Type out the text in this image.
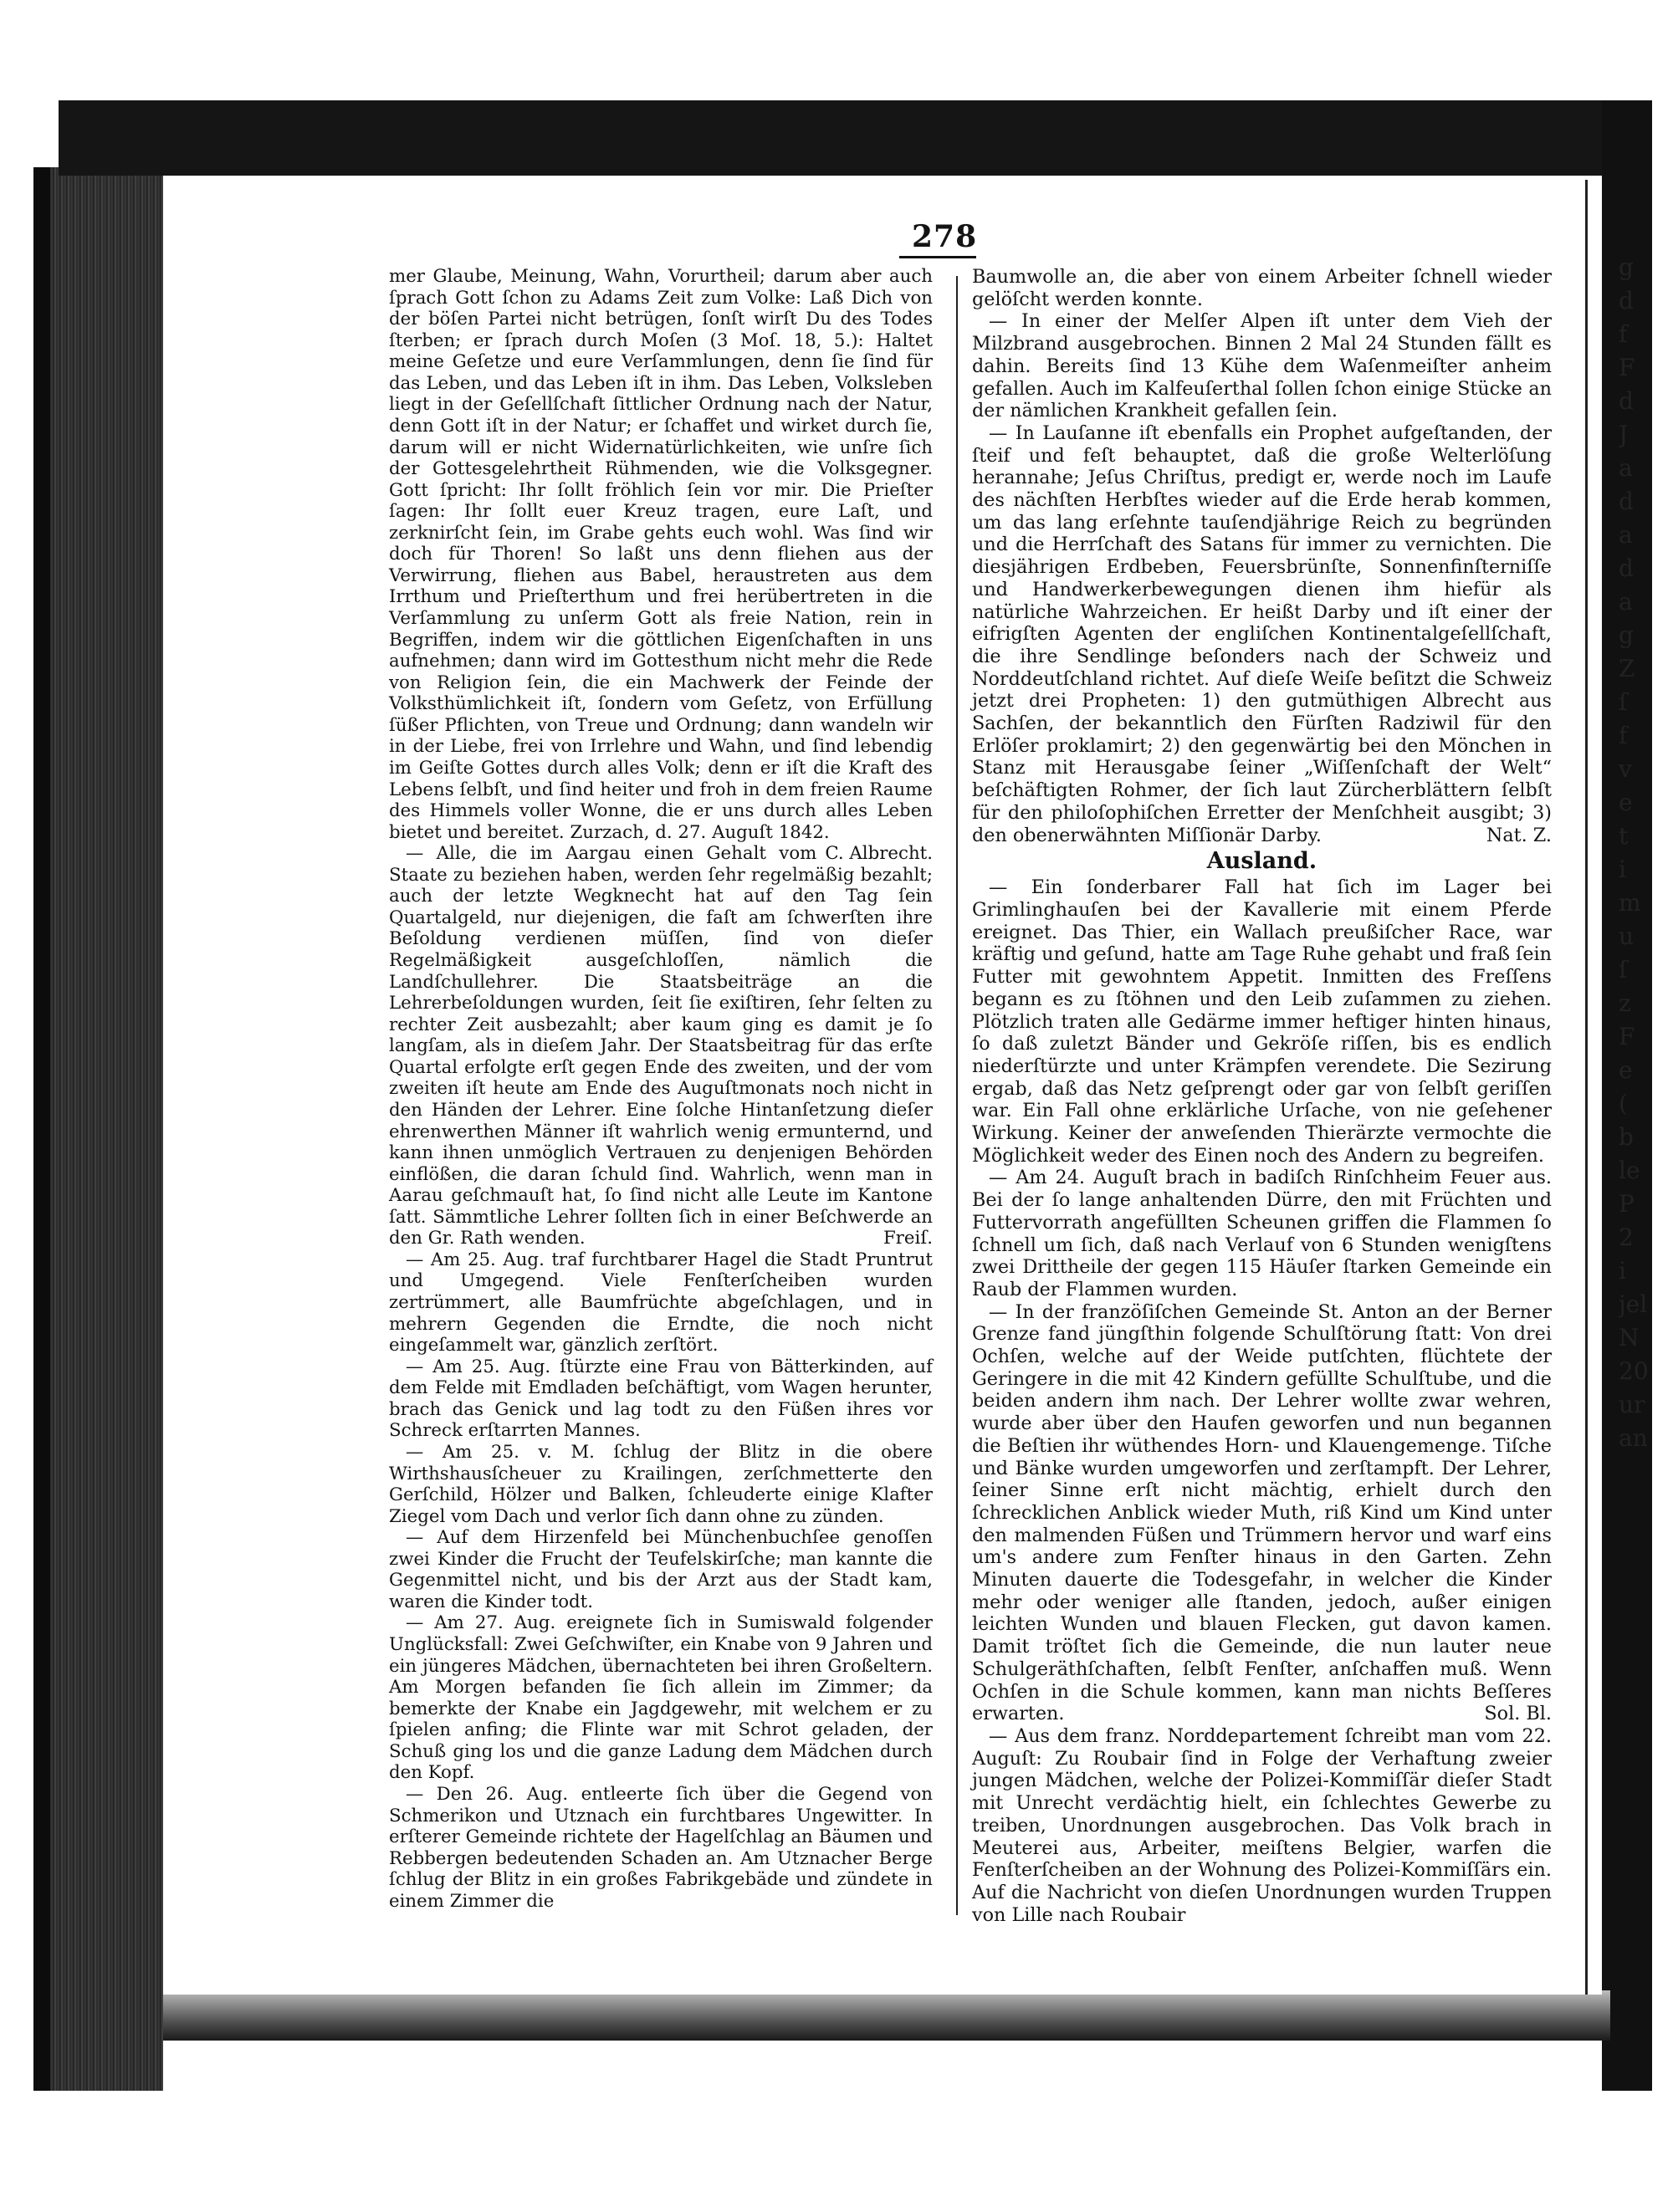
g
d
f
F
d
J
a
d
a
d
a
g
Z
ſ
f
v
e
t
i
m
u
ſ
z
F
e
(
b
le
P
2
i
jel
N
20
ur
an
278

mer Glaube, Meinung, Wahn, Vorurtheil; darum aber auch ſprach Gott ſchon zu Adams Zeit zum Volke: Laß Dich von der böſen Partei nicht betrügen, ſonſt wirſt Du des Todes ſterben; er ſprach durch Moſen (3 Moſ. 18, 5.): Haltet meine Geſetze und eure Verſammlungen, denn ſie ſind für das Leben, und das Leben iſt in ihm. Das Leben, Volksleben liegt in der Geſellſchaft ſittlicher Ordnung nach der Natur, denn Gott iſt in der Natur; er ſchaffet und wirket durch ſie, darum will er nicht Widernatürlichkeiten, wie unſre ſich der Gottesgelehrtheit Rühmenden, wie die Volksgegner. Gott ſpricht: Ihr ſollt fröhlich ſein vor mir. Die Prieſter ſagen: Ihr ſollt euer Kreuz tragen, eure Laſt, und zerknirſcht ſein, im Grabe gehts euch wohl. Was ſind wir doch für Thoren! So laßt uns denn fliehen aus der Verwirrung, fliehen aus Babel, heraustreten aus dem Irrthum und Prieſterthum und frei herübertreten in die Verſammlung zu unſerm Gott als freie Nation, rein in Begriffen, indem wir die göttlichen Eigenſchaften in uns aufnehmen; dann wird im Gottesthum nicht mehr die Rede von Religion ſein, die ein Machwerk der Feinde der Volksthümlichkeit iſt, ſondern vom Geſetz, von Erfüllung ſüßer Pflichten, von Treue und Ordnung; dann wandeln wir in der Liebe, frei von Irrlehre und Wahn, und ſind lebendig im Geiſte Gottes durch alles Volk; denn er iſt die Kraft des Lebens ſelbſt, und ſind heiter und froh in dem freien Raume des Himmels voller Wonne, die er uns durch alles Leben bietet und bereitet. Zurzach, d. 27. Auguſt 1842.
C. Albrecht.

— Alle, die im Aargau einen Gehalt vom Staate zu beziehen haben, werden ſehr regelmäßig bezahlt; auch der letzte Wegknecht hat auf den Tag ſein Quartalgeld, nur diejenigen, die faſt am ſchwerſten ihre Beſoldung verdienen müſſen, ſind von dieſer Regelmäßigkeit ausgeſchloſſen, nämlich die Landſchullehrer. Die Staatsbeiträge an die Lehrerbeſoldungen wurden, ſeit ſie exiſtiren, ſehr ſelten zu rechter Zeit ausbezahlt; aber kaum ging es damit je ſo langſam, als in dieſem Jahr. Der Staatsbeitrag für das erſte Quartal erfolgte erſt gegen Ende des zweiten, und der vom zweiten iſt heute am Ende des Auguſtmonats noch nicht in den Händen der Lehrer. Eine ſolche Hintanſetzung dieſer ehrenwerthen Männer iſt wahrlich wenig ermunternd, und kann ihnen unmöglich Vertrauen zu denjenigen Behörden einflößen, die daran ſchuld ſind. Wahrlich, wenn man in Aarau geſchmauſt hat, ſo ſind nicht alle Leute im Kantone ſatt. Sämmtliche Lehrer ſollten ſich in einer Beſchwerde an den Gr. Rath wenden.	Freiſ.

— Am 25. Aug. traf furchtbarer Hagel die Stadt Pruntrut und Umgegend. Viele Fenſterſcheiben wurden zertrümmert, alle Baumfrüchte abgeſchlagen, und in mehrern Gegenden die Erndte, die noch nicht eingeſammelt war, gänzlich zerſtört.

— Am 25. Aug. ſtürzte eine Frau von Bätterkinden, auf dem Felde mit Emdladen beſchäftigt, vom Wagen herunter, brach das Genick und lag todt zu den Füßen ihres vor Schreck erſtarrten Mannes.

— Am 25. v. M. ſchlug der Blitz in die obere Wirthshausſcheuer zu Krailingen, zerſchmetterte den Gerſchild, Hölzer und Balken, ſchleuderte einige Klafter Ziegel vom Dach und verlor ſich dann ohne zu zünden.

— Auf dem Hirzenfeld bei Münchenbuchſee genoſſen zwei Kinder die Frucht der Teufelskirſche; man kannte die Gegenmittel nicht, und bis der Arzt aus der Stadt kam, waren die Kinder todt.

— Am 27. Aug. ereignete ſich in Sumiswald folgender Unglücksfall: Zwei Geſchwiſter, ein Knabe von 9 Jahren und ein jüngeres Mädchen, übernachteten bei ihren Großeltern. Am Morgen befanden ſie ſich allein im Zimmer; da bemerkte der Knabe ein Jagdgewehr, mit welchem er zu ſpielen anfing; die Flinte war mit Schrot geladen, der Schuß ging los und die ganze Ladung dem Mädchen durch den Kopf.

— Den 26. Aug. entleerte ſich über die Gegend von Schmerikon und Utznach ein furchtbares Ungewitter. In erſterer Gemeinde richtete der Hagelſchlag an Bäumen und Rebbergen bedeutenden Schaden an. Am Utznacher Berge ſchlug der Blitz in ein großes Fabrikgebäde und zündete in einem Zimmer die

Baumwolle an, die aber von einem Arbeiter ſchnell wieder gelöſcht werden konnte.

— In einer der Melſer Alpen iſt unter dem Vieh der Milzbrand ausgebrochen. Binnen 2 Mal 24 Stunden fällt es dahin. Bereits ſind 13 Kühe dem Waſenmeiſter anheim gefallen. Auch im Kalfeuſerthal ſollen ſchon einige Stücke an der nämlichen Krankheit gefallen ſein.

— In Lauſanne iſt ebenfalls ein Prophet aufgeſtanden, der ſteif und feſt behauptet, daß die große Welterlöſung herannahe; Jeſus Chriſtus, predigt er, werde noch im Laufe des nächſten Herbſtes wieder auf die Erde herab kommen, um das lang erſehnte tauſendjährige Reich zu begründen und die Herrſchaft des Satans für immer zu vernichten. Die diesjährigen Erdbeben, Feuersbrünſte, Sonnenfinſterniſſe und Handwerkerbewegungen dienen ihm hiefür als natürliche Wahrzeichen. Er heißt Darby und iſt einer der eifrigſten Agenten der engliſchen Kontinentalgeſellſchaft, die ihre Sendlinge beſonders nach der Schweiz und Norddeutſchland richtet. Auf dieſe Weiſe beſitzt die Schweiz jetzt drei Propheten: 1) den gutmüthigen Albrecht aus Sachſen, der bekanntlich den Fürſten Radziwil für den Erlöſer proklamirt; 2) den gegenwärtig bei den Mönchen in Stanz mit Herausgabe ſeiner „Wiſſenſchaft der Welt“ beſchäftigten Rohmer, der ſich laut Zürcherblättern ſelbſt für den philoſophiſchen Erretter der Menſchheit ausgibt; 3) den obenerwähnten Miſſionär Darby.	Nat. Z.

Ausland.

— Ein ſonderbarer Fall hat ſich im Lager bei Grimlinghauſen bei der Kavallerie mit einem Pferde ereignet. Das Thier, ein Wallach preußiſcher Race, war kräftig und geſund, hatte am Tage Ruhe gehabt und fraß ſein Futter mit gewohntem Appetit. Inmitten des Freſſens begann es zu ſtöhnen und den Leib zuſammen zu ziehen. Plötzlich traten alle Gedärme immer heftiger hinten hinaus, ſo daß zuletzt Bänder und Gekröſe riſſen, bis es endlich niederſtürzte und unter Krämpfen verendete. Die Sezirung ergab, daß das Netz geſprengt oder gar von ſelbſt geriſſen war. Ein Fall ohne erklärliche Urſache, von nie geſehener Wirkung. Keiner der anweſenden Thierärzte vermochte die Möglichkeit weder des Einen noch des Andern zu begreifen.

— Am 24. Auguſt brach in badiſch Rinſchheim Feuer aus. Bei der ſo lange anhaltenden Dürre, den mit Früchten und Futtervorrath angefüllten Scheunen griffen die Flammen ſo ſchnell um ſich, daß nach Verlauf von 6 Stunden wenigſtens zwei Drittheile der gegen 115 Häuſer ſtarken Gemeinde ein Raub der Flammen wurden.

— In der franzöſiſchen Gemeinde St. Anton an der Berner Grenze fand jüngſthin folgende Schulſtörung ſtatt: Von drei Ochſen, welche auf der Weide putſchten, flüchtete der Geringere in die mit 42 Kindern gefüllte Schulſtube, und die beiden andern ihm nach. Der Lehrer wollte zwar wehren, wurde aber über den Haufen geworfen und nun begannen die Beſtien ihr wüthendes Horn- und Klauengemenge. Tiſche und Bänke wurden umgeworfen und zerſtampft. Der Lehrer, ſeiner Sinne erſt nicht mächtig, erhielt durch den ſchrecklichen Anblick wieder Muth, riß Kind um Kind unter den malmenden Füßen und Trümmern hervor und warf eins um's andere zum Fenſter hinaus in den Garten. Zehn Minuten dauerte die Todesgefahr, in welcher die Kinder mehr oder weniger alle ſtanden, jedoch, außer einigen leichten Wunden und blauen Flecken, gut davon kamen. Damit tröſtet ſich die Gemeinde, die nun lauter neue Schulgeräthſchaften, ſelbſt Fenſter, anſchaffen muß. Wenn Ochſen in die Schule kommen, kann man nichts Beſſeres erwarten.	Sol. Bl.

— Aus dem franz. Norddepartement ſchreibt man vom 22. Auguſt: Zu Roubair ſind in Folge der Verhaftung zweier jungen Mädchen, welche der Polizei-Kommiſſär dieſer Stadt mit Unrecht verdächtig hielt, ein ſchlechtes Gewerbe zu treiben, Unordnungen ausgebrochen. Das Volk brach in Meuterei aus, Arbeiter, meiſtens Belgier, warfen die Fenſterſcheiben an der Wohnung des Polizei-Kommiſſärs ein. Auf die Nachricht von dieſen Unordnungen wurden Truppen von Lille nach Roubair
